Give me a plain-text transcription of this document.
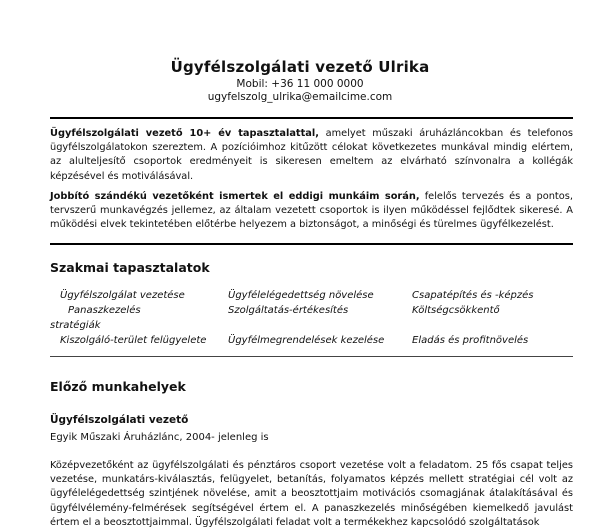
Ügyfélszolgálati vezető Ulrika
Mobil: +36 11 000 0000
ugyfelszolg_ulrika@emailcime.com
Ügyfélszolgálati vezető 10+ év tapasztalattal, amelyet műszaki áruházláncokban és telefonos ügyfélszolgálatokon szereztem. A pozícióimhoz kitűzött célokat következetes munkával mindig elértem, az alulteljesítő csoportok eredményeit is sikeresen emeltem az elvárható színvonalra a kollégák képzésével és motiválásával.
Jobbító szándékú vezetőként ismertek el eddigi munkáim során, felelős tervezés és a pontos, tervszerű munkavégzés jellemez, az általam vezetett csoportok is ilyen működéssel fejlődtek sikeresé. A működési elvek tekintetében előtérbe helyezem a biztonságot, a minőségi és türelmes ügyfélkezelést.
Szakmai tapasztalatok
Ügyfélszolgálat vezetése
Panaszkezelés
stratégiák
Kiszolgáló-terület felügyelete
Ügyfélelégedettség növelése
Szolgáltatás-értékesítés
Ügyfélmegrendelések kezelése
Csapatépítés és -képzés
Költségcsökkentő
Eladás és profitnövelés
Előző munkahelyek
Ügyfélszolgálati vezető
Egyik Műszaki Áruházlánc, 2004- jelenleg is
Középvezetőként az ügyfélszolgálati és pénztáros csoport vezetése volt a feladatom. 25 fős csapat teljes vezetése, munkatárs-kiválasztás, felügyelet, betanítás, folyamatos képzés mellett stratégiai cél volt az ügyfélelégedettség szintjének növelése, amit a beosztottjaim motivációs csomagjának átalakításával és ügyfélvélemény-felmérések segítségével értem el. A panaszkezelés minőségében kiemelkedő javulást értem el a beosztottjaimmal. Ügyfélszolgálati feladat volt a termékekhez kapcsolódó szolgáltatások
